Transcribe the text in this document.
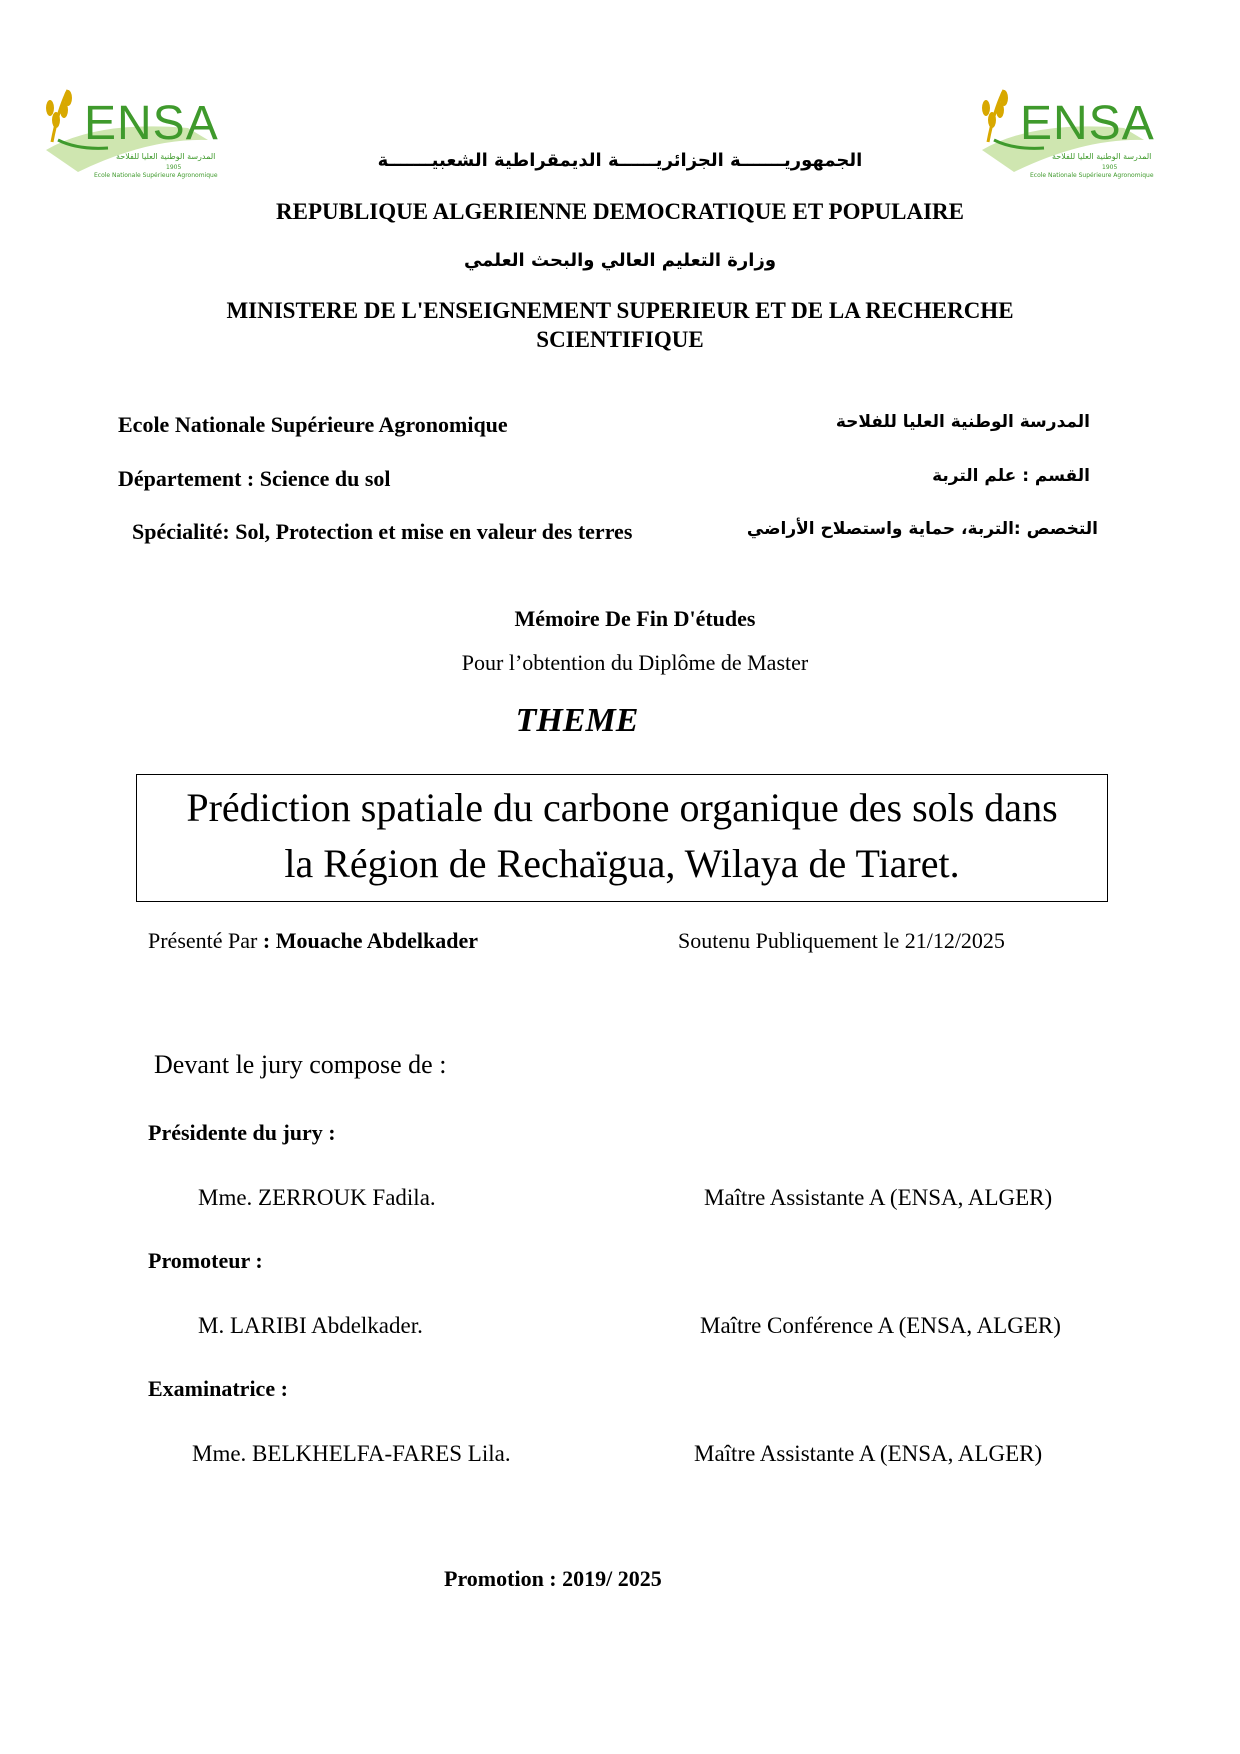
ENSA
المدرسة الوطنية العليا للفلاحة
1905
Ecole Nationale Supérieure Agronomique
ENSA
المدرسة الوطنية العليا للفلاحة
1905
Ecole Nationale Supérieure Agronomique
الجمهوريـــــــة الجزائريــــــة الديمقراطية الشعبيـــــــة
REPUBLIQUE ALGERIENNE DEMOCRATIQUE ET POPULAIRE
وزارة التعليم العالي والبحث العلمي
MINISTERE DE L'ENSEIGNEMENT SUPERIEUR ET DE LA RECHERCHE
SCIENTIFIQUE
Ecole Nationale Supérieure Agronomique	المدرسة الوطنية العليا للفلاحة
Département : Science du sol	القسم : علم التربة
Spécialité: Sol, Protection et mise en valeur des terres	التخصص :التربة، حماية واستصلاح الأراضي
Mémoire De Fin D'études
Pour l’obtention du Diplôme de Master
THEME
Prédiction spatiale du carbone organique des sols dans
la Région de Rechaïgua, Wilaya de Tiaret.
Présenté Par : Mouache Abdelkader	Soutenu Publiquement le 21/12/2025
Devant le jury compose de :
Présidente du jury :
Mme. ZERROUK Fadila.	Maître Assistante A (ENSA, ALGER)
Promoteur :
M. LARIBI Abdelkader.	Maître Conférence A (ENSA, ALGER)
Examinatrice :
Mme. BELKHELFA-FARES Lila.	Maître Assistante A (ENSA, ALGER)
Promotion : 2019/ 2025
